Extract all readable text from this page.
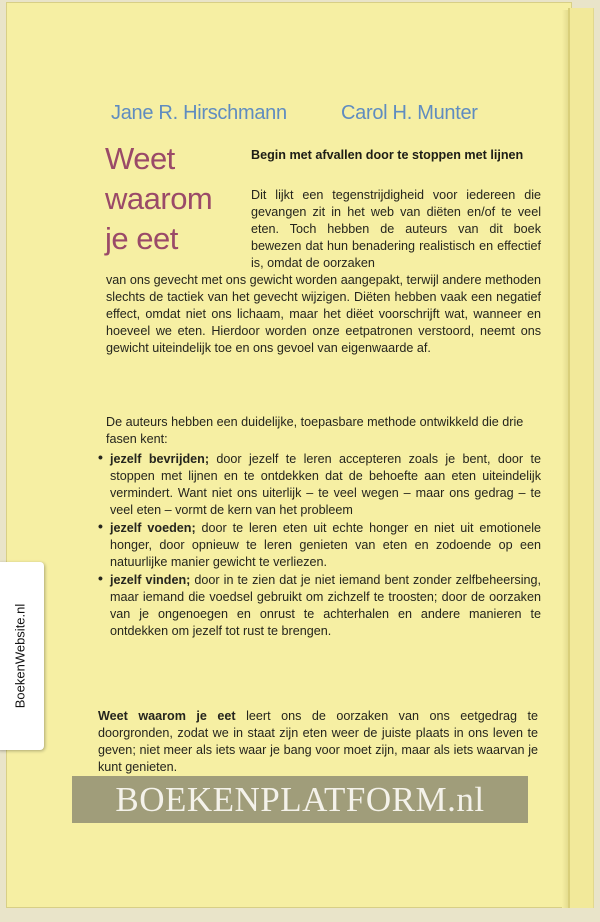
Jane R. Hirschmann	Carol H. Munter
Weet
waarom
je eet
Begin met afvallen door te stoppen met lijnen
Dit lijkt een tegenstrijdigheid voor iedereen die gevangen zit in het web van diëten en/of te veel eten. Toch hebben de auteurs van dit boek bewezen dat hun benadering realistisch en effectief is, omdat de oorzaken
van ons gevecht met ons gewicht worden aangepakt, terwijl andere methoden slechts de tactiek van het gevecht wijzigen. Diëten hebben vaak een negatief effect, omdat niet ons lichaam, maar het diëet voorschrijft wat, wanneer en hoeveel we eten. Hierdoor worden onze eetpatronen verstoord, neemt ons gewicht uiteindelijk toe en ons gevoel van eigenwaarde af.
De auteurs hebben een duidelijke, toepasbare methode ontwikkeld die drie fasen kent:
• jezelf bevrijden; door jezelf te leren accepteren zoals je bent, door te stoppen met lijnen en te ontdekken dat de behoefte aan eten uiteindelijk vermindert. Want niet ons uiterlijk – te veel wegen – maar ons gedrag – te veel eten – vormt de kern van het probleem
• jezelf voeden; door te leren eten uit echte honger en niet uit emotionele honger, door opnieuw te leren genieten van eten en zodoende op een natuurlijke manier gewicht te verliezen.
• jezelf vinden; door in te zien dat je niet iemand bent zonder zelfbeheersing, maar iemand die voedsel gebruikt om zichzelf te troosten; door de oorzaken van je ongenoegen en onrust te achterhalen en andere manieren te ontdekken om jezelf tot rust te brengen.
Weet waarom je eet leert ons de oorzaken van ons eetgedrag te doorgronden, zodat we in staat zijn eten weer de juiste plaats in ons leven te geven; niet meer als iets waar je bang voor moet zijn, maar als iets waarvan je kunt genieten.
BoekenWebsite.nl
BOEKENPLATFORM.nl
